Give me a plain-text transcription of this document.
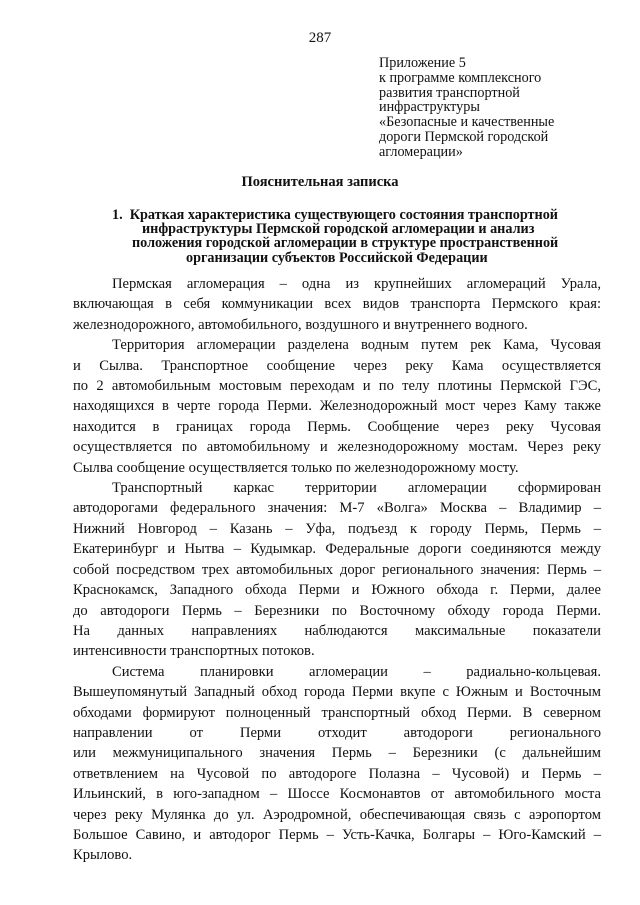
287
Приложение 5
к программе комплексного
развития транспортной
инфраструктуры
«Безопасные и качественные
дороги Пермской городской
агломерации»
Пояснительная записка
1. Краткая характеристика существующего состояния транспортной
инфраструктуры Пермской городской агломерации и анализ
положения городской агломерации в структуре пространственной
организации субъектов Российской Федерации
Пермская агломерация – одна из крупнейших агломераций Урала,
включающая в себя коммуникации всех видов транспорта Пермского края:
железнодорожного, автомобильного, воздушного и внутреннего водного.
Территория агломерации разделена водным путем рек Кама, Чусовая
и Сылва. Транспортное сообщение через реку Кама осуществляется
по 2 автомобильным мостовым переходам и по телу плотины Пермской ГЭС,
находящихся в черте города Перми. Железнодорожный мост через Каму также
находится в границах города Пермь. Сообщение через реку Чусовая
осуществляется по автомобильному и железнодорожному мостам. Через реку
Сылва сообщение осуществляется только по железнодорожному мосту.
Транспортный каркас территории агломерации сформирован
автодорогами федерального значения: М-7 «Волга» Москва – Владимир –
Нижний Новгород – Казань – Уфа, подъезд к городу Пермь, Пермь –
Екатеринбург и Нытва – Кудымкар. Федеральные дороги соединяются между
собой посредством трех автомобильных дорог регионального значения: Пермь –
Краснокамск, Западного обхода Перми и Южного обхода г. Перми, далее
до автодороги Пермь – Березники по Восточному обходу города Перми.
На данных направлениях наблюдаются максимальные показатели
интенсивности транспортных потоков.
Система планировки агломерации – радиально-кольцевая.
Вышеупомянутый Западный обход города Перми вкупе с Южным и Восточным
обходами формируют полноценный транспортный обход Перми. В северном
направлении от Перми отходит автодороги регионального
или межмуниципального значения Пермь – Березники (с дальнейшим
ответвлением на Чусовой по автодороге Полазна – Чусовой) и Пермь –
Ильинский, в юго-западном – Шоссе Космонавтов от автомобильного моста
через реку Мулянка до ул. Аэродромной, обеспечивающая связь с аэропортом
Большое Савино, и автодорог Пермь – Усть-Качка, Болгары – Юго-Камский –
Крылово.
